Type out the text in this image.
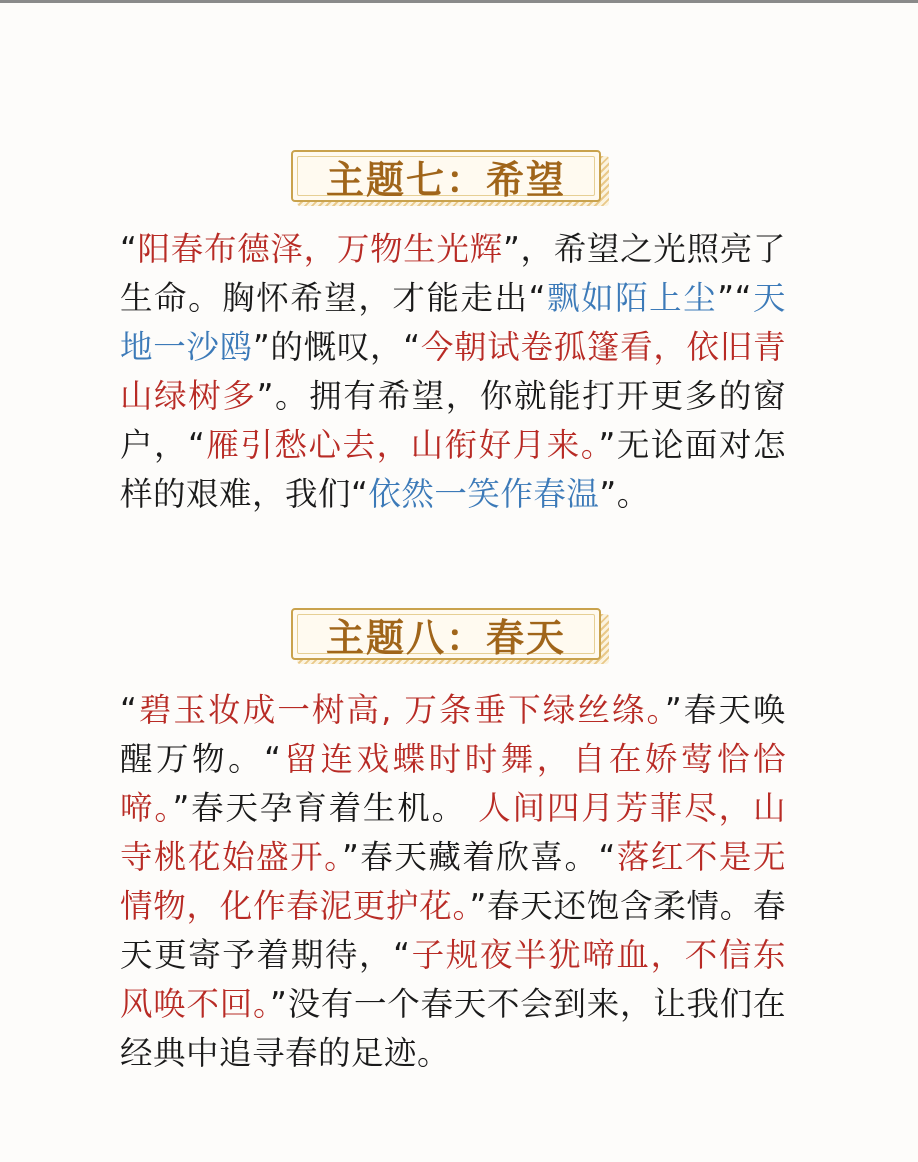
主题七：希望
“阳春布德泽，万物生光辉”，希望之光照亮了生命。胸怀希望，才能走出“飘如陌上尘”“天地一沙鸥”的慨叹，“今朝试卷孤篷看，依旧青山绿树多”。拥有希望，你就能打开更多的窗户，“雁引愁心去，山衔好月来。”无论面对怎样的艰难，我们“依然一笑作春温”。
主题八：春天
“碧玉妆成一树高, 万条垂下绿丝绦。”春天唤醒万物。“留连戏蝶时时舞，自在娇莺恰恰啼。”春天孕育着生机。 人间四月芳菲尽，山寺桃花始盛开。”春天藏着欣喜。“落红不是无情物，化作春泥更护花。”春天还饱含柔情。春天更寄予着期待，“子规夜半犹啼血，不信东风唤不回。”没有一个春天不会到来，让我们在经典中追寻春的足迹。
